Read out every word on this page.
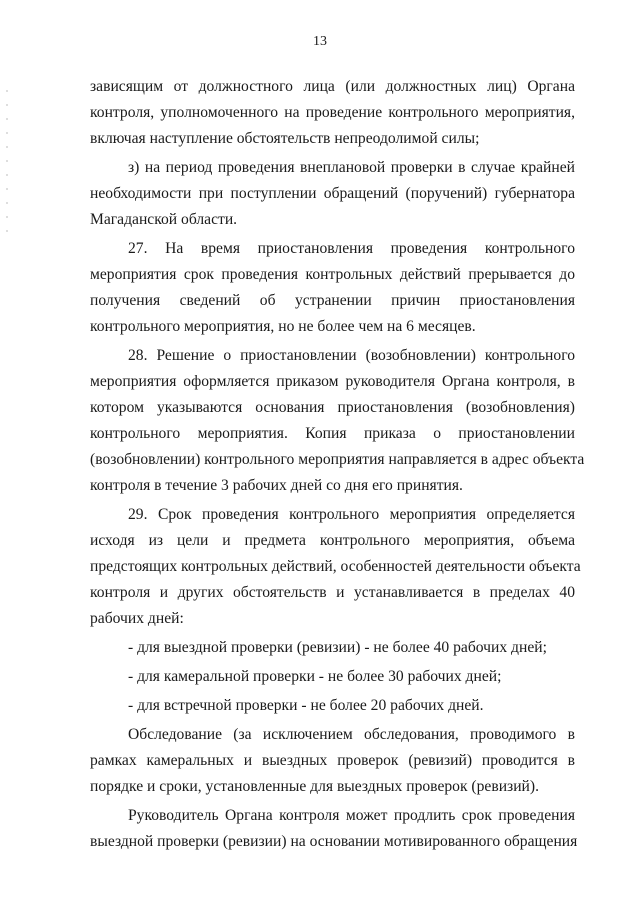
13
зависящим от должностного лица (или должностных лиц) Органа
контроля, уполномоченного на проведение контрольного мероприятия,
включая наступление обстоятельств непреодолимой силы;
з) на период проведения внеплановой проверки в случае крайней
необходимости при поступлении обращений (поручений) губернатора
Магаданской области.
27. На время приостановления проведения контрольного
мероприятия срок проведения контрольных действий прерывается до
получения сведений об устранении причин приостановления
контрольного мероприятия, но не более чем на 6 месяцев.
28. Решение о приостановлении (возобновлении) контрольного
мероприятия оформляется приказом руководителя Органа контроля, в
котором указываются основания приостановления (возобновления)
контрольного мероприятия. Копия приказа о приостановлении
(возобновлении) контрольного мероприятия направляется в адрес объекта
контроля в течение 3 рабочих дней со дня его принятия.
29. Срок проведения контрольного мероприятия определяется
исходя из цели и предмета контрольного мероприятия, объема
предстоящих контрольных действий, особенностей деятельности объекта
контроля и других обстоятельств и устанавливается в пределах 40
рабочих дней:
- для выездной проверки (ревизии) - не более 40 рабочих дней;
- для камеральной проверки - не более 30 рабочих дней;
- для встречной проверки - не более 20 рабочих дней.
Обследование (за исключением обследования, проводимого в
рамках камеральных и выездных проверок (ревизий) проводится в
порядке и сроки, установленные для выездных проверок (ревизий).
Руководитель Органа контроля может продлить срок проведения
выездной проверки (ревизии) на основании мотивированного обращения
